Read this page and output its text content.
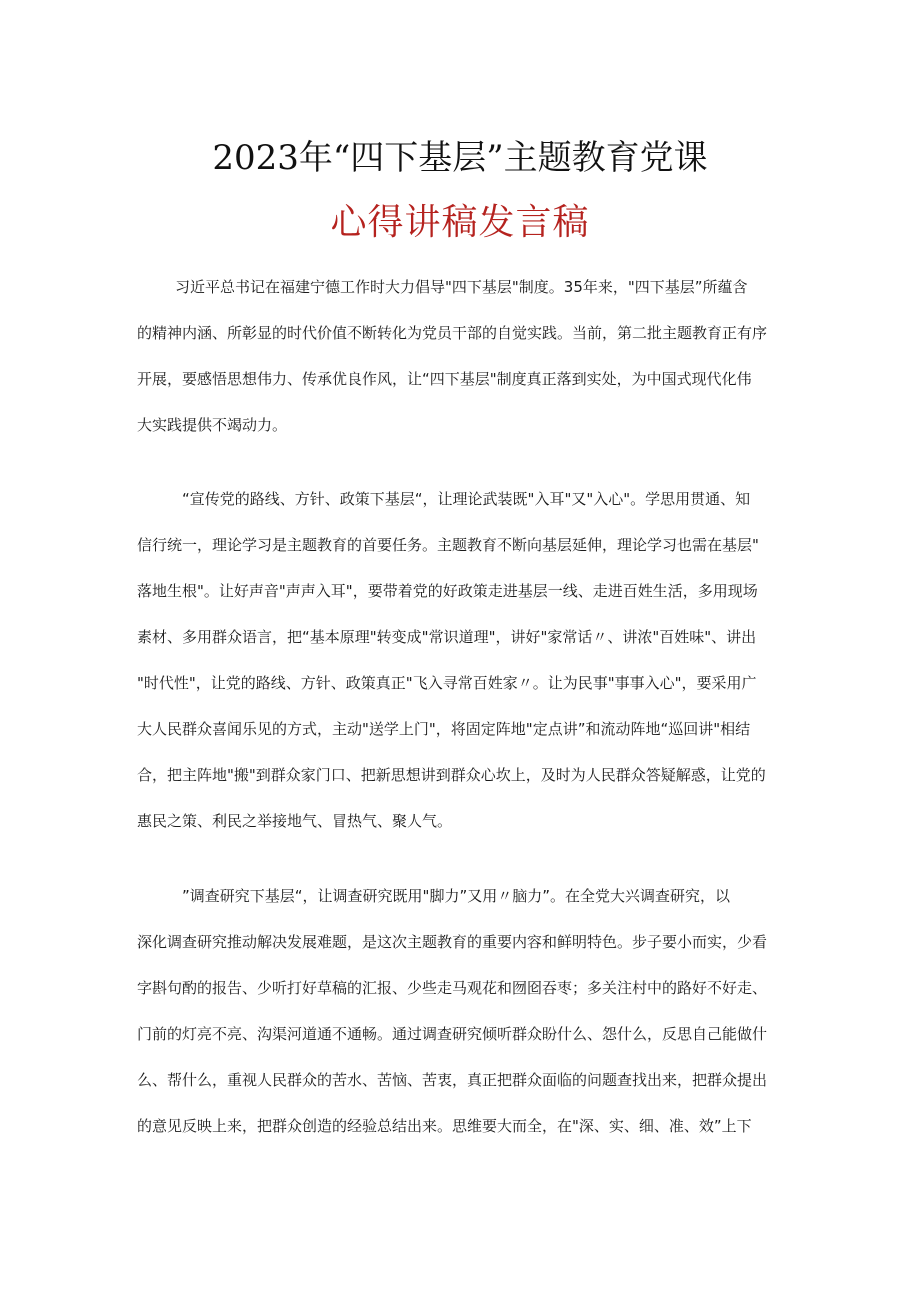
2023年“四下基层”主题教育党课
心得讲稿发言稿
习近平总书记在福建宁德工作时大力倡导"四下基层"制度。35年来，"四下基层”所蕴含
的精神内涵、所彰显的时代价值不断转化为党员干部的自觉实践。当前，第二批主题教育正有序
开展，要感悟思想伟力、传承优良作风，让“四下基层"制度真正落到实处，为中国式现代化伟
大实践提供不竭动力。
“宣传党的路线、方针、政策下基层“，让理论武装既"入耳"又"入心"。学思用贯通、知
信行统一，理论学习是主题教育的首要任务。主题教育不断向基层延伸，理论学习也需在基层"
落地生根"。让好声音"声声入耳"，要带着党的好政策走进基层一线、走进百姓生活，多用现场
素材、多用群众语言，把“基本原理"转变成"常识道理"，讲好"家常话〃、讲浓"百姓味"、讲出
"时代性"，让党的路线、方针、政策真正"飞入寻常百姓家〃。让为民事"事事入心"，要采用广
大人民群众喜闻乐见的方式，主动"送学上门"，将固定阵地"定点讲”和流动阵地“巡回讲"相结
合，把主阵地"搬"到群众家门口、把新思想讲到群众心坎上，及时为人民群众答疑解惑，让党的
惠民之策、利民之举接地气、冒热气、聚人气。
”调查研究下基层“，让调查研究既用"脚力”又用〃脑力”。在全党大兴调查研究，以
深化调查研究推动解决发展难题，是这次主题教育的重要内容和鲜明特色。步子要小而实，少看
字斟句酌的报告、少听打好草稿的汇报、少些走马观花和囫囵吞枣；多关注村中的路好不好走、
门前的灯亮不亮、沟渠河道通不通畅。通过调查研究倾听群众盼什么、怨什么，反思自己能做什
么、帮什么，重视人民群众的苦水、苦恼、苦衷，真正把群众面临的问题查找出来，把群众提出
的意见反映上来，把群众创造的经验总结出来。思维要大而全，在"深、实、细、准、效”上下
